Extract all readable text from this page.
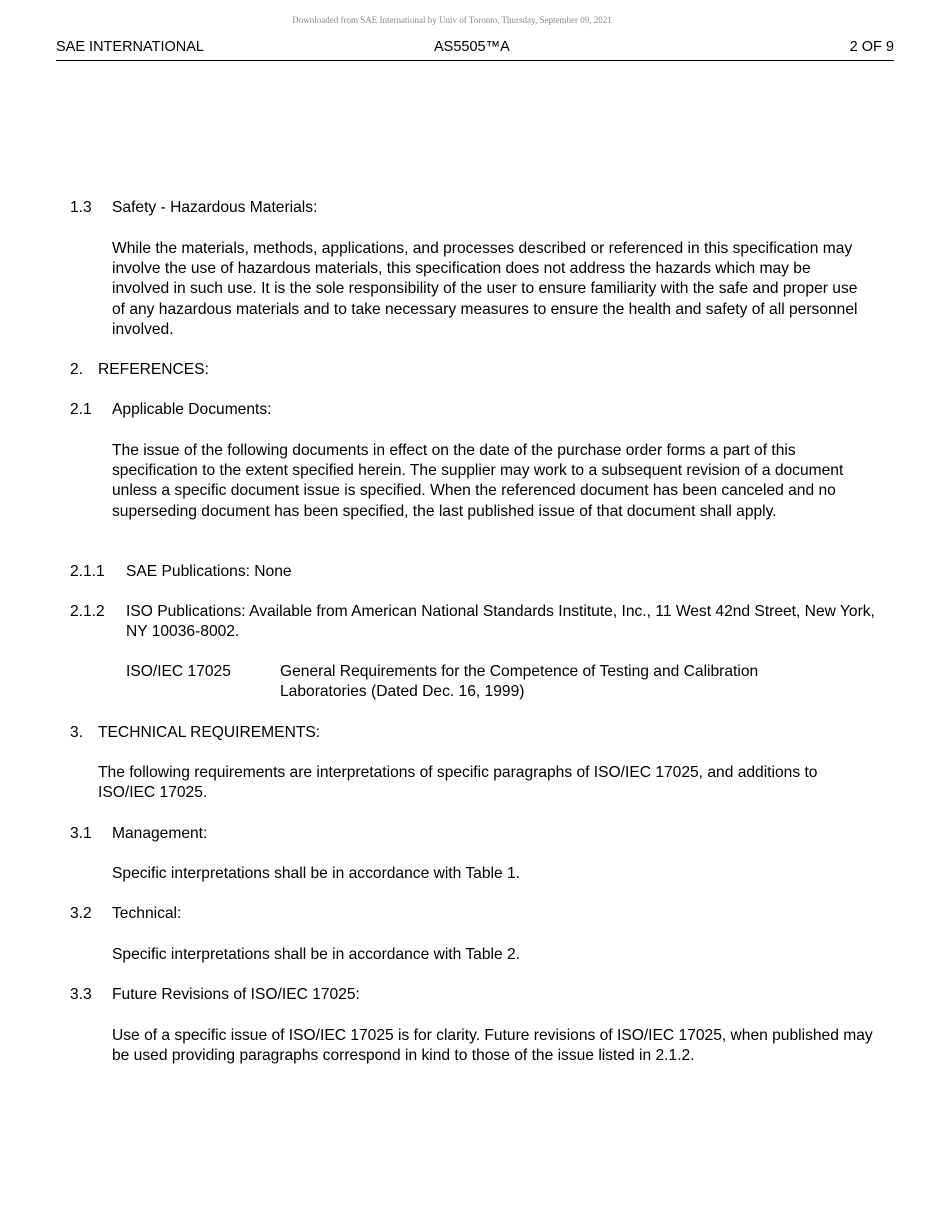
Downloaded from SAE International by Univ of Toronto, Thursday, September 09, 2021
SAE INTERNATIONAL	AS5505™A	2 OF 9
1.3 Safety - Hazardous Materials:

While the materials, methods, applications, and processes described or referenced in this specification may involve the use of hazardous materials, this specification does not address the hazards which may be involved in such use. It is the sole responsibility of the user to ensure familiarity with the safe and proper use of any hazardous materials and to take necessary measures to ensure the health and safety of all personnel involved.

2. REFERENCES:
2.1 Applicable Documents:

The issue of the following documents in effect on the date of the purchase order forms a part of this specification to the extent specified herein. The supplier may work to a subsequent revision of a document unless a specific document issue is specified. When the referenced document has been canceled and no superseding document has been specified, the last published issue of that document shall apply.

2.1.1 SAE Publications: None
2.1.2 ISO Publications: Available from American National Standards Institute, Inc., 11 West 42nd Street, New York, NY 10036-8002.

ISO/IEC 17025	General Requirements for the Competence of Testing and Calibration Laboratories (Dated Dec. 16, 1999)

3. TECHNICAL REQUIREMENTS:

The following requirements are interpretations of specific paragraphs of ISO/IEC 17025, and additions to ISO/IEC 17025.

3.1 Management:

Specific interpretations shall be in accordance with Table 1.

3.2 Technical:

Specific interpretations shall be in accordance with Table 2.

3.3 Future Revisions of ISO/IEC 17025:

Use of a specific issue of ISO/IEC 17025 is for clarity. Future revisions of ISO/IEC 17025, when published may be used providing paragraphs correspond in kind to those of the issue listed in 2.1.2.
